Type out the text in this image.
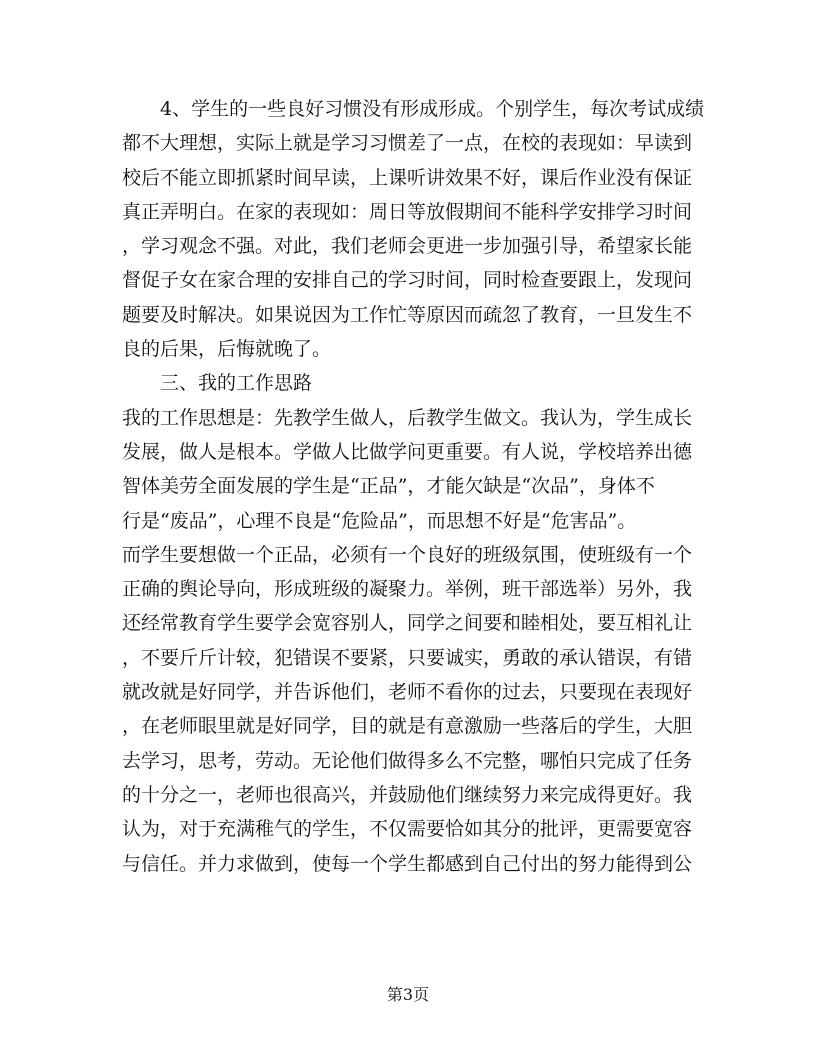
4、学生的一些良好习惯没有形成形成。个别学生，每次考试成绩
都不大理想，实际上就是学习习惯差了一点，在校的表现如：早读到
校后不能立即抓紧时间早读，上课听讲效果不好，课后作业没有保证
真正弄明白。在家的表现如：周日等放假期间不能科学安排学习时间
，学习观念不强。对此，我们老师会更进一步加强引导，希望家长能
督促子女在家合理的安排自己的学习时间，同时检查要跟上，发现问
题要及时解决。如果说因为工作忙等原因而疏忽了教育，一旦发生不
良的后果，后悔就晚了。
三、我的工作思路
我的工作思想是：先教学生做人，后教学生做文。我认为，学生成长
发展，做人是根本。学做人比做学问更重要。有人说，学校培养出德
智体美劳全面发展的学生是“正品”，才能欠缺是“次品”，身体不
行是“废品”，心理不良是“危险品”，而思想不好是“危害品”。
而学生要想做一个正品，必须有一个良好的班级氛围，使班级有一个
正确的舆论导向，形成班级的凝聚力。举例，班干部选举）另外，我
还经常教育学生要学会宽容别人，同学之间要和睦相处，要互相礼让
，不要斤斤计较，犯错误不要紧，只要诚实，勇敢的承认错误，有错
就改就是好同学，并告诉他们，老师不看你的过去，只要现在表现好
，在老师眼里就是好同学，目的就是有意激励一些落后的学生，大胆
去学习，思考，劳动。无论他们做得多么不完整，哪怕只完成了任务
的十分之一，老师也很高兴，并鼓励他们继续努力来完成得更好。我
认为，对于充满稚气的学生，不仅需要恰如其分的批评，更需要宽容
与信任。并力求做到，使每一个学生都感到自己付出的努力能得到公
第3页
